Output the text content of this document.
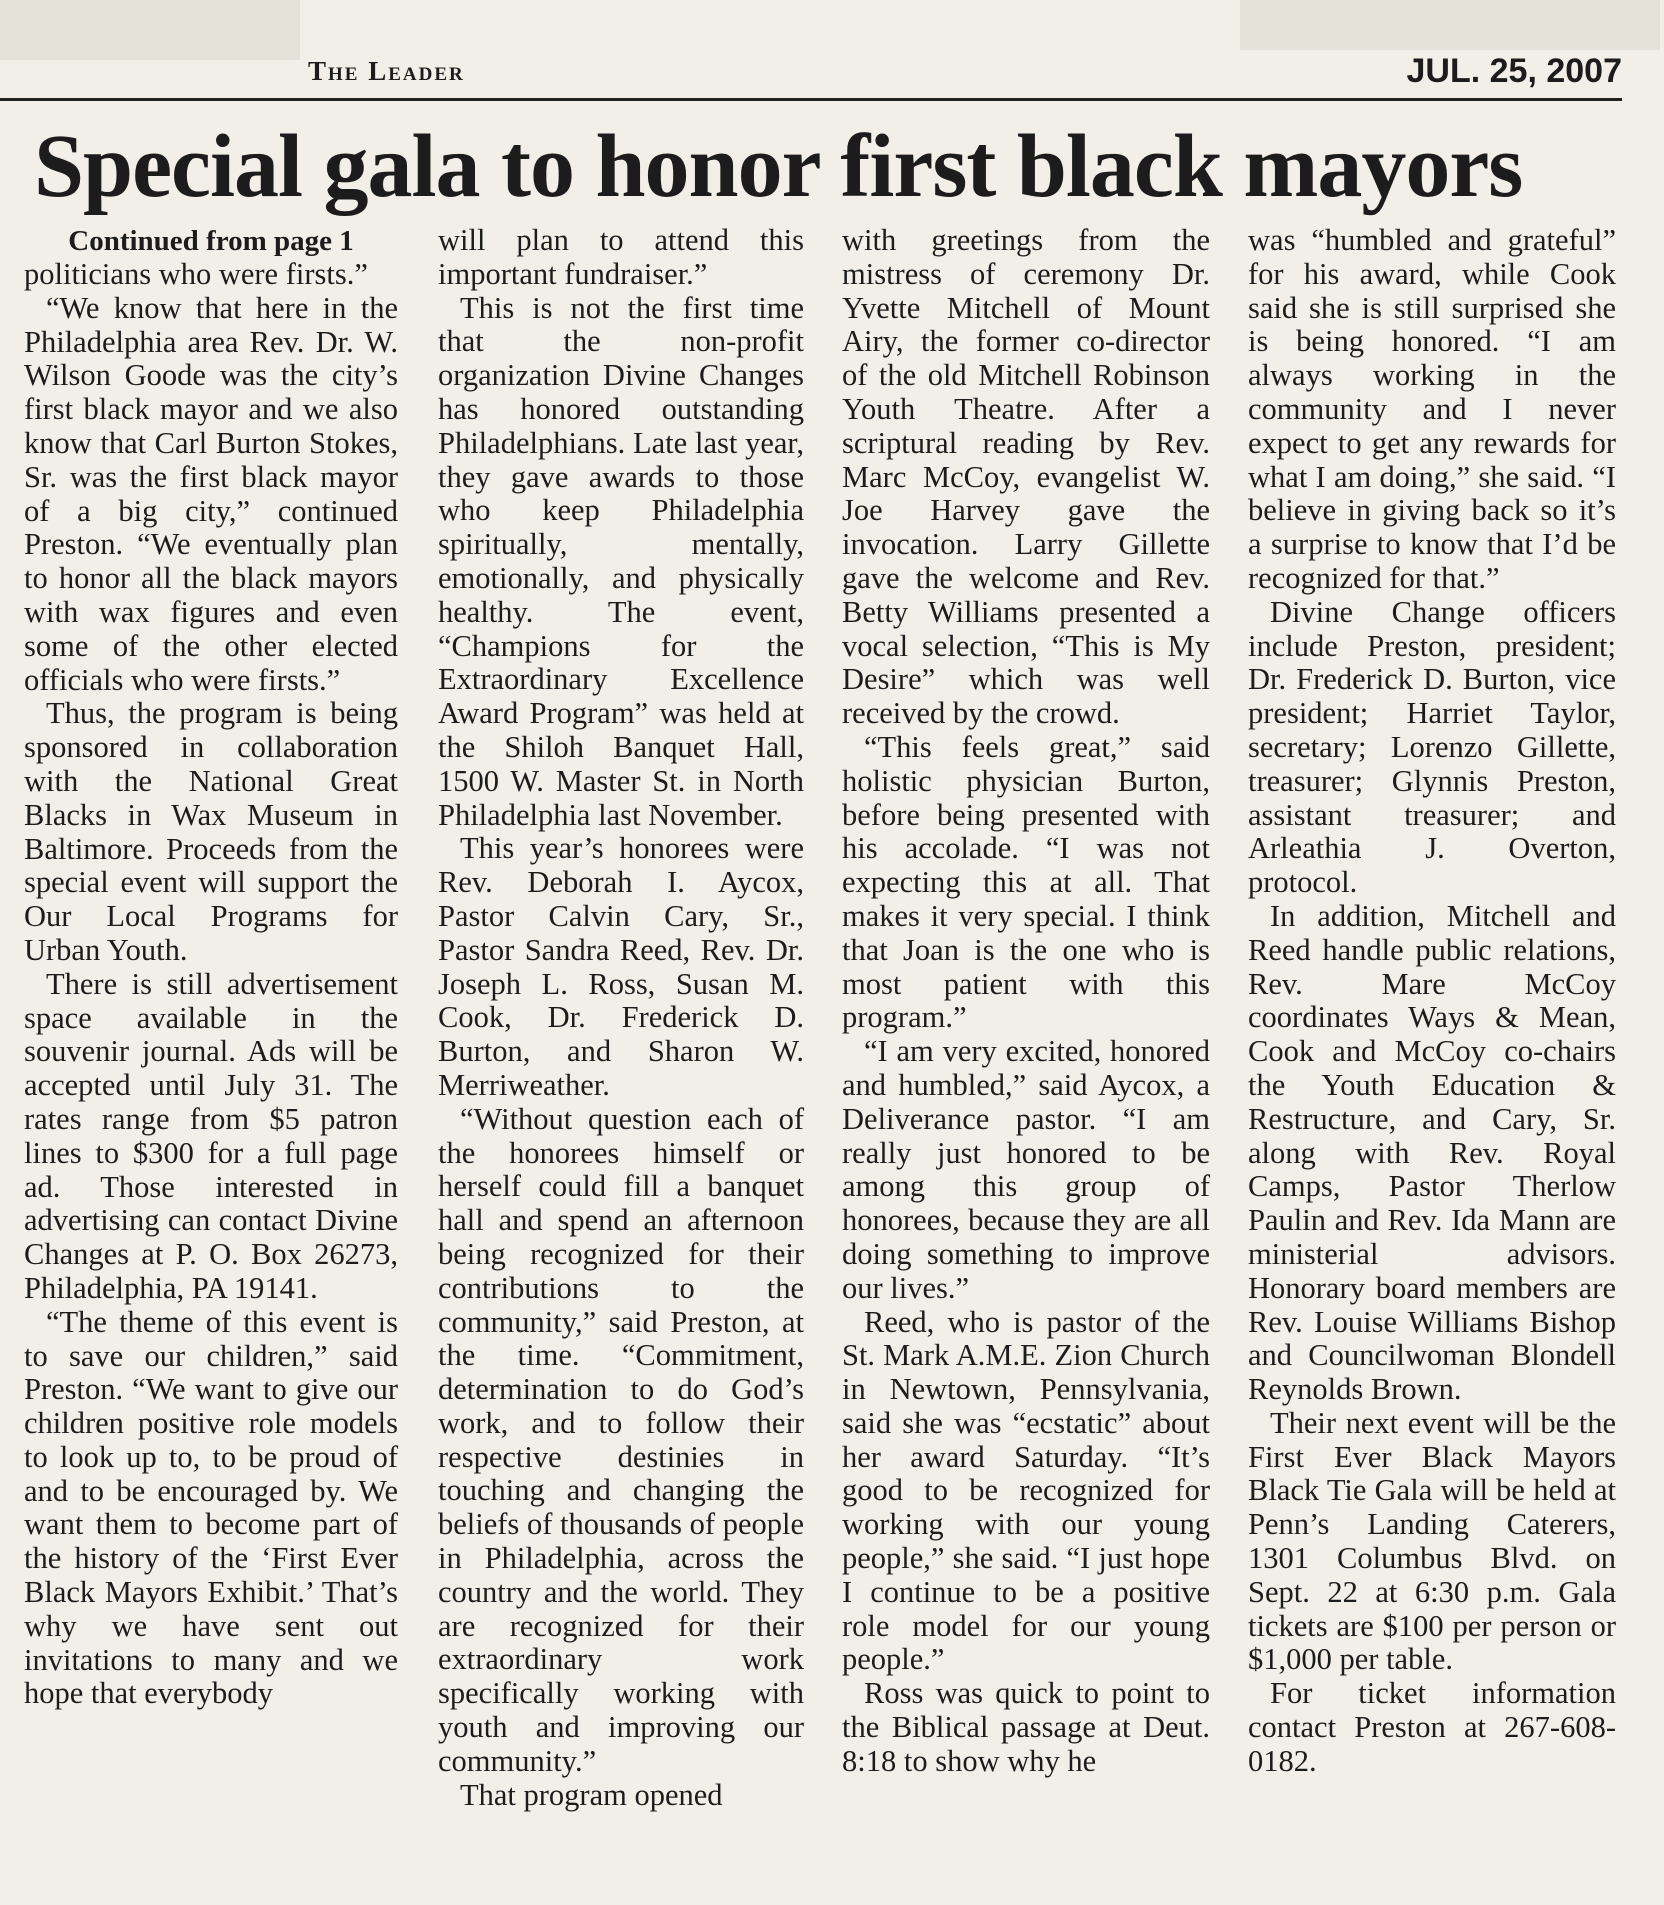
The Leader	JUL. 25, 2007
Special gala to honor first black mayors
Continued from page 1

politicians who were firsts.”

“We know that here in the Philadelphia area Rev. Dr. W. Wilson Goode was the city’s first black mayor and we also know that Carl Burton Stokes, Sr. was the first black mayor of a big city,” continued Preston. “We eventually plan to honor all the black mayors with wax figures and even some of the other elected officials who were firsts.”

Thus, the program is being sponsored in collaboration with the National Great Blacks in Wax Museum in Baltimore. Proceeds from the special event will support the Our Local Programs for Urban Youth.

There is still advertisement space available in the souvenir journal. Ads will be accepted until July 31. The rates range from $5 patron lines to $300 for a full page ad. Those interested in advertising can contact Divine Changes at P. O. Box 26273, Philadelphia, PA 19141.

“The theme of this event is to save our children,” said Preston. “We want to give our children positive role models to look up to, to be proud of and to be encouraged by. We want them to become part of the history of the ‘First Ever Black Mayors Exhibit.’ That’s why we have sent out invitations to many and we hope that everybody

will plan to attend this important fundraiser.”

This is not the first time that the non-profit organization Divine Changes has honored outstanding Philadelphians. Late last year, they gave awards to those who keep Philadelphia spiritually, mentally, emotionally, and physically healthy. The event, “Champions for the Extraordinary Excellence Award Program” was held at the Shiloh Banquet Hall, 1500 W. Master St. in North Philadelphia last November.

This year’s honorees were Rev. Deborah I. Aycox, Pastor Calvin Cary, Sr., Pastor Sandra Reed, Rev. Dr. Joseph L. Ross, Susan M. Cook, Dr. Frederick D. Burton, and Sharon W. Merriweather.

“Without question each of the honorees himself or herself could fill a banquet hall and spend an afternoon being recognized for their contributions to the community,” said Preston, at the time. “Commitment, determination to do God’s work, and to follow their respective destinies in touching and changing the beliefs of thousands of people in Philadelphia, across the country and the world. They are recognized for their extraordinary work specifically working with youth and improving our community.”

That program opened

with greetings from the mistress of ceremony Dr. Yvette Mitchell of Mount Airy, the former co-director of the old Mitchell Robinson Youth Theatre. After a scriptural reading by Rev. Marc McCoy, evangelist W. Joe Harvey gave the invocation. Larry Gillette gave the welcome and Rev. Betty Williams presented a vocal selection, “This is My Desire” which was well received by the crowd.

“This feels great,” said holistic physician Burton, before being presented with his accolade. “I was not expecting this at all. That makes it very special. I think that Joan is the one who is most patient with this program.”

“I am very excited, honored and humbled,” said Aycox, a Deliverance pastor. “I am really just honored to be among this group of honorees, because they are all doing something to improve our lives.”

Reed, who is pastor of the St. Mark A.M.E. Zion Church in Newtown, Pennsylvania, said she was “ecstatic” about her award Saturday. “It’s good to be recognized for working with our young people,” she said. “I just hope I continue to be a positive role model for our young people.”

Ross was quick to point to the Biblical passage at Deut. 8:18 to show why he

was “humbled and grateful” for his award, while Cook said she is still surprised she is being honored. “I am always working in the community and I never expect to get any rewards for what I am doing,” she said. “I believe in giving back so it’s a surprise to know that I’d be recognized for that.”

Divine Change officers include Preston, president; Dr. Frederick D. Burton, vice president; Harriet Taylor, secretary; Lorenzo Gillette, treasurer; Glynnis Preston, assistant treasurer; and Arleathia J. Overton, protocol.

In addition, Mitchell and Reed handle public relations, Rev. Mare McCoy coordinates Ways & Mean, Cook and McCoy co-chairs the Youth Education & Restructure, and Cary, Sr. along with Rev. Royal Camps, Pastor Therlow Paulin and Rev. Ida Mann are ministerial advisors. Honorary board members are Rev. Louise Williams Bishop and Councilwoman Blondell Reynolds Brown.

Their next event will be the First Ever Black Mayors Black Tie Gala will be held at Penn’s Landing Caterers, 1301 Columbus Blvd. on Sept. 22 at 6:30 p.m. Gala tickets are $100 per person or $1,000 per table.

For ticket information contact Preston at 267-608-0182.
